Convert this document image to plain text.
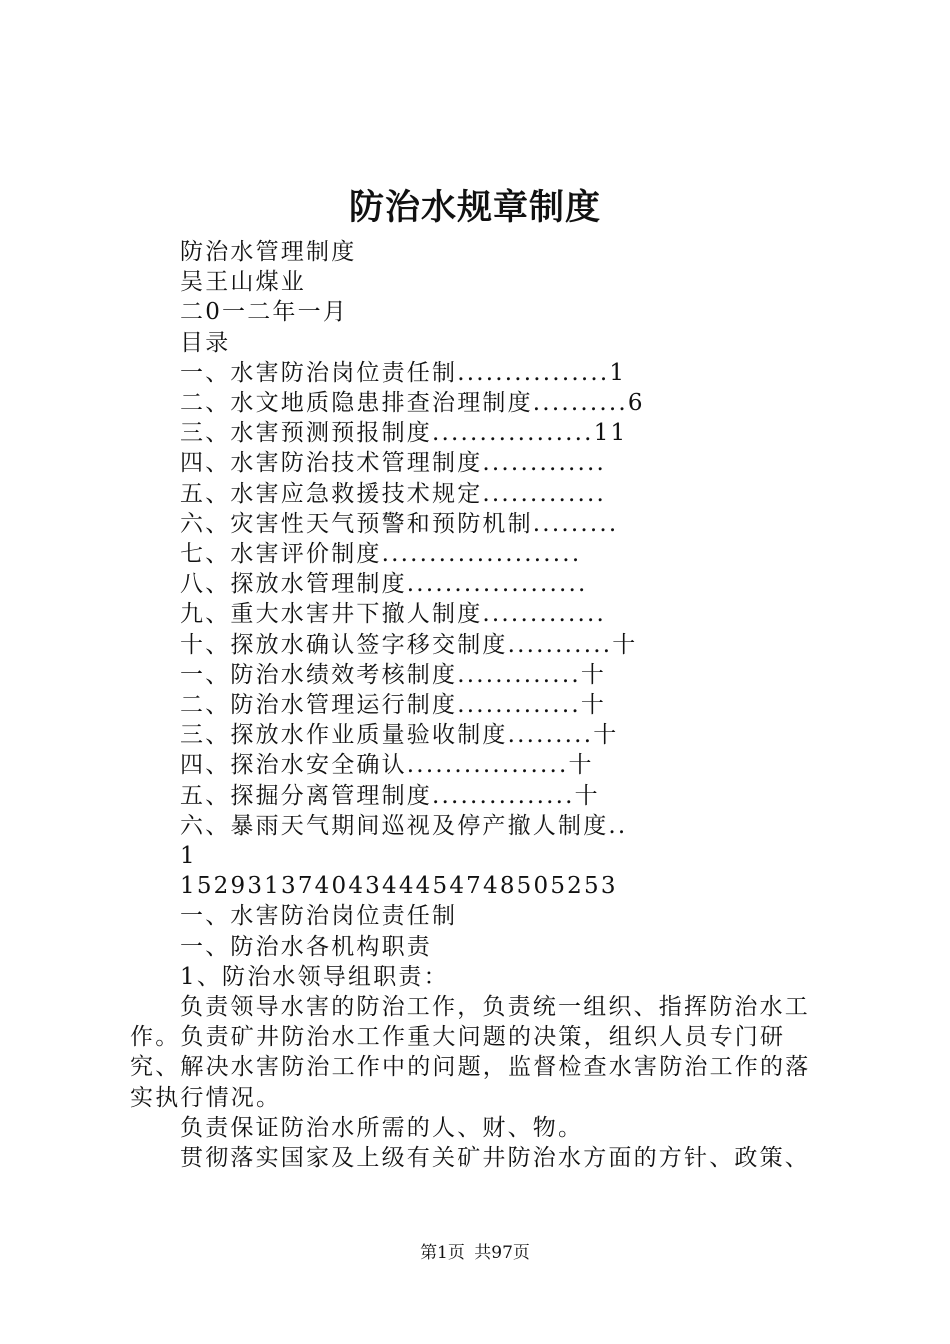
防治水规章制度
防治水管理制度
吴王山煤业
二0一二年一月
目录
一、水害防治岗位责任制................1
二、水文地质隐患排查治理制度..........6
三、水害预测预报制度.................11
四、水害防治技术管理制度.............
五、水害应急救援技术规定.............
六、灾害性天气预警和预防机制.........
七、水害评价制度.....................
八、探放水管理制度...................
九、重大水害井下撤人制度.............
十、探放水确认签字移交制度...........十
一、防治水绩效考核制度.............十
二、防治水管理运行制度.............十
三、探放水作业质量验收制度.........十
四、探治水安全确认.................十
五、探掘分离管理制度...............十
六、暴雨天气期间巡视及停产撤人制度..
1
15293137404344454748505253
一、水害防治岗位责任制
一、防治水各机构职责
1、防治水领导组职责：
负责领导水害的防治工作，负责统一组织、指挥防治水工作。负责矿井防治水工作重大问题的决策，组织人员专门研究、解决水害防治工作中的问题，监督检查水害防治工作的落实执行情况。
负责保证防治水所需的人、财、物。
贯彻落实国家及上级有关矿井防治水方面的方针、政策、
第1页 共97页
